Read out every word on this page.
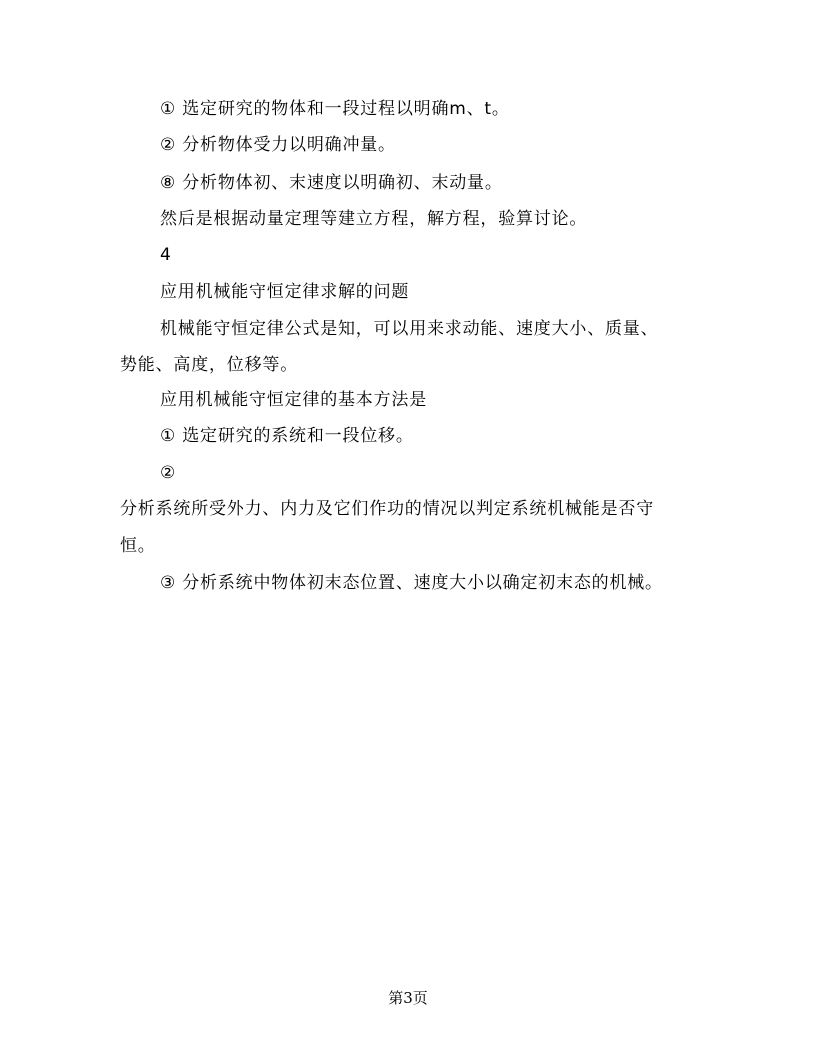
① 选定研究的物体和一段过程以明确m、t。
② 分析物体受力以明确冲量。
⑧ 分析物体初、末速度以明确初、末动量。
然后是根据动量定理等建立方程，解方程，验算讨论。
4
应用机械能守恒定律求解的问题
机械能守恒定律公式是知，可以用来求动能、速度大小、质量、
势能、高度，位移等。
应用机械能守恒定律的基本方法是
① 选定研究的系统和一段位移。
②
分析系统所受外力、内力及它们作功的情况以判定系统机械能是否守
恒。
③ 分析系统中物体初末态位置、速度大小以确定初末态的机械。
第3页
